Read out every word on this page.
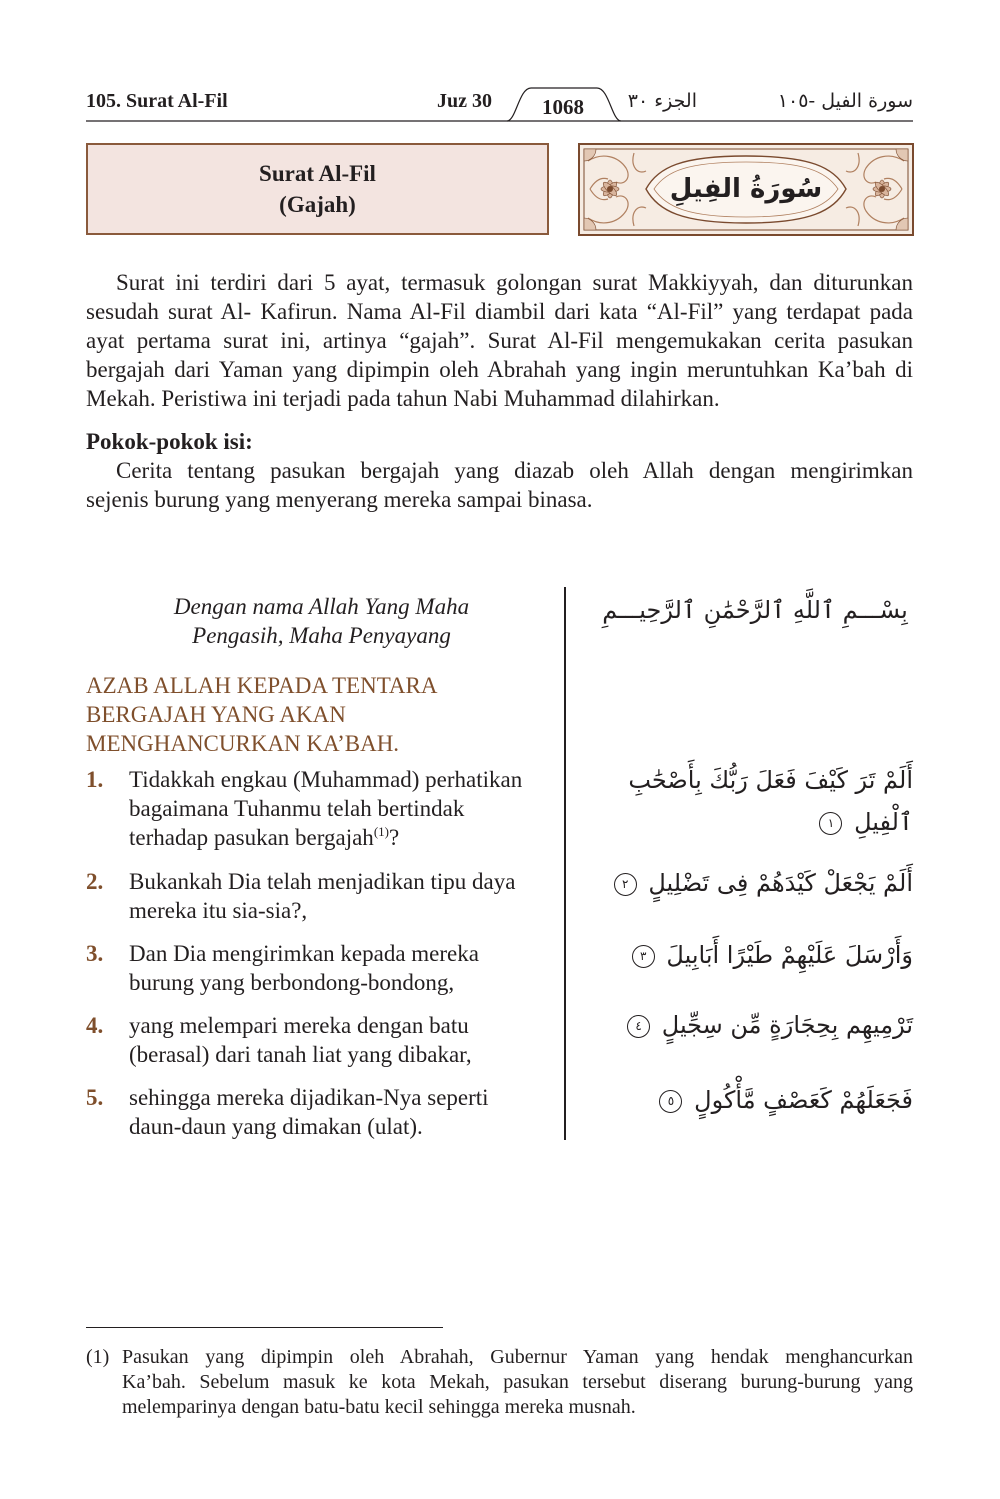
105. Surat Al-Fil	Juz 30	1068	الجزء ٣٠	١٠٥- سورة الفيل
Surat Al-Fil
(Gajah)
سُورَةُ الفِيلِ
Surat ini terdiri dari 5 ayat, termasuk golongan surat Makkiyyah, dan diturunkan
sesudah surat Al- Kafirun. Nama Al-Fil diambil dari kata “Al-Fil” yang terdapat pada
ayat pertama surat ini, artinya “gajah”. Surat Al-Fil mengemukakan cerita pasukan
bergajah dari Yaman yang dipimpin oleh Abrahah yang ingin meruntuhkan Ka’bah di
Mekah. Peristiwa ini terjadi pada tahun Nabi Muhammad dilahirkan.
Pokok-pokok isi:
Cerita tentang pasukan bergajah yang diazab oleh Allah dengan mengirimkan
sejenis burung yang menyerang mereka sampai binasa.
Dengan nama Allah Yang Maha
Pengasih, Maha Penyayang
بِسْـــمِ ٱللَّهِ ٱلرَّحْمَٰنِ ٱلرَّحِيـــمِ
AZAB ALLAH KEPADA TENTARA
BERGAJAH YANG AKAN
MENGHANCURKAN KA’BAH.
1. Tidakkah engkau (Muhammad) perhatikan
bagaimana Tuhanmu telah bertindak
terhadap pasukan bergajah$^{(1)}$?
أَلَمْ تَرَ كَيْفَ فَعَلَ رَبُّكَ بِأَصْحَٰبِ
ٱلْفِيلِ ١
2. Bukankah Dia telah menjadikan tipu daya
mereka itu sia-sia?,
أَلَمْ يَجْعَلْ كَيْدَهُمْ فِى تَضْلِيلٍ ٢
3. Dan Dia mengirimkan kepada mereka
burung yang berbondong-bondong,
وَأَرْسَلَ عَلَيْهِمْ طَيْرًا أَبَابِيلَ ٣
4. yang melempari mereka dengan batu
(berasal) dari tanah liat yang dibakar,
تَرْمِيهِم بِحِجَارَةٍ مِّن سِجِّيلٍ ٤
5. sehingga mereka dijadikan-Nya seperti
daun-daun yang dimakan (ulat).
فَجَعَلَهُمْ كَعَصْفٍ مَّأْكُولٍ ٥
(1) Pasukan yang dipimpin oleh Abrahah, Gubernur Yaman yang hendak menghancurkan
Ka’bah. Sebelum masuk ke kota Mekah, pasukan tersebut diserang burung-burung yang
melemparinya dengan batu-batu kecil sehingga mereka musnah.
